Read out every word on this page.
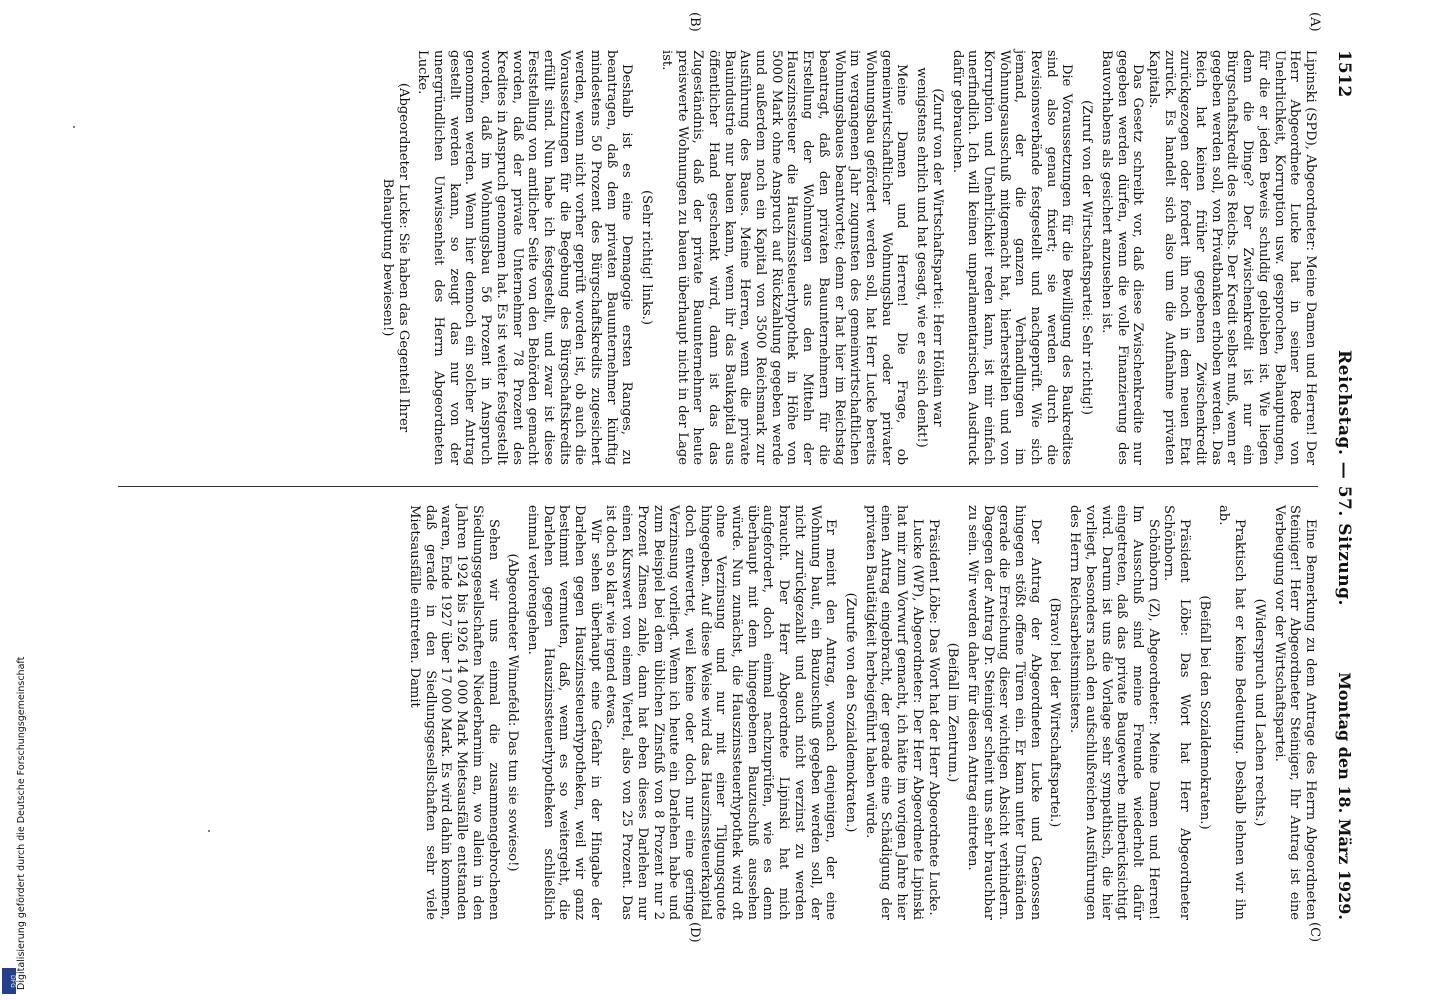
Digitalisierung gefördert durch die Deutsche Forschungsgemeinschaft
DFG
1512
Reichstag. — 57. Sitzung.
Montag den 18. März 1929.
(A)
(B)
(C)
(D)

Lipinski (SPD), Abgeordneter: Meine Damen und Herren! Der Herr Abgeordnete Lucke hat in seiner Rede von Unehrlichkeit, Korruption usw. gesprochen, Behauptungen, für die er jeden Beweis schuldig geblieben ist. Wie liegen denn die Dinge? Der Zwischenkredit ist nur ein Bürgschaftskredit des Reichs. Der Kredit selbst muß, wenn er gegeben werden soll, von Privatbanken erhoben werden. Das Reich hat keinen früher gegebenen Zwischenkredit zurückgezogen oder fordert ihn noch in dem neuen Etat zurück. Es handelt sich also um die Aufnahme privaten Kapitals.

Das Gesetz schreibt vor, daß diese Zwischenkredite nur gegeben werden dürfen, wenn die volle Finanzierung des Bauvorhabens als gesichert anzusehen ist.

(Zuruf von der Wirtschaftspartei: Sehr richtig!)

Die Voraussetzungen für die Bewilligung des Baukredites sind also genau fixiert; sie werden durch die Revisionsverbände festgestellt und nachgeprüft. Wie sich jemand, der die ganzen Verhandlungen im Wohnungsausschuß mitgemacht hat, hierherstellen und von Korruption und Unehrlichkeit reden kann, ist mir einfach unerfindlich. Ich will keinen unparlamentarischen Ausdruck dafür gebrauchen.

(Zuruf von der Wirtschaftspartei: Herr Höllein war wenigstens ehrlich und hat gesagt, wie er es sich denkt!)

Meine Damen und Herren! Die Frage, ob gemeinwirtschaftlicher Wohnungsbau oder privater Wohnungsbau gefördert werden soll, hat Herr Lucke bereits im vergangenen Jahr zugunsten des gemeinwirtschaftlichen Wohnungsbaues beantwortet; denn er hat hier im Reichstag beantragt, daß den privaten Bauunternehmern für die Erstellung der Wohnungen aus den Mitteln der Hauszinssteuer die Hauszinssteuerhypothek in Höhe von 5000 Mark ohne Anspruch auf Rückzahlung gegeben werde und außerdem noch ein Kapital von 3500 Reichsmark zur Ausführung des Baues. Meine Herren, wenn die private Bauindustrie nur bauen kann, wenn ihr das Baukapital aus öffentlicher Hand geschenkt wird, dann ist das das Zugeständnis, daß der private Bauunternehmer heute preiswerte Wohnungen zu bauen überhaupt nicht in der Lage ist.

(Sehr richtig! links.)

Deshalb ist es eine Demagogie ersten Ranges, zu beantragen, daß dem privaten Bauunternehmer künftig mindestens 50 Prozent des Bürgschaftskredits zugesichert werden, wenn nicht vorher geprüft worden ist, ob auch die Voraussetzungen für die Begebung des Bürgschaftskredits erfüllt sind. Nun habe ich festgestellt, und zwar ist diese Feststellung von amtlicher Seite von den Behörden gemacht worden, daß der private Unternehmer 78 Prozent des Kredites in Anspruch genommen hat. Es ist weiter festgestellt worden, daß im Wohnungsbau 56 Prozent in Anspruch genommen werden. Wenn hier dennoch ein solcher Antrag gestellt werden kann, so zeugt das nur von der unergründlichen Unwissenheit des Herrn Abgeordneten Lucke.

(Abgeordneter Lucke: Sie haben das Gegenteil Ihrer Behauptung bewiesen!)

Eine Bemerkung zu dem Antrage des Herrn Abgeordneten Steiniger! Herr Abgeordneter Steiniger, Ihr Antrag ist eine Verbeugung vor der Wirtschaftspartei.

(Widerspruch und Lachen rechts.)

Praktisch hat er keine Bedeutung. Deshalb lehnen wir ihn ab.

(Beifall bei den Sozialdemokraten.)

Präsident Löbe: Das Wort hat Herr Abgeordneter Schönborn.

Schönborn (Z), Abgeordneter: Meine Damen und Herren! Im Ausschuß sind meine Freunde wiederholt dafür eingetreten, daß das private Baugewerbe mitberücksichtigt wird. Darum ist uns die Vorlage sehr sympathisch, die hier vorliegt, besonders nach den aufschlußreichen Ausführungen des Herrn Reichsarbeitsministers.

(Bravo! bei der Wirtschaftspartei.)

Der Antrag der Abgeordneten Lucke und Genossen hingegen stößt offene Türen ein. Er kann unter Umständen gerade die Erreichung dieser wichtigen Absicht verhindern. Dagegen der Antrag Dr. Steiniger scheint uns sehr brauchbar zu sein. Wir werden daher für diesen Antrag eintreten.

(Beifall im Zentrum.)

Präsident Löbe: Das Wort hat der Herr Abgeordnete Lucke.

Lucke (WP), Abgeordneter: Der Herr Abgeordnete Lipinski hat mir zum Vorwurf gemacht, ich hätte im vorigen Jahre hier einen Antrag eingebracht, der gerade eine Schädigung der privaten Bautätigkeit herbeigeführt haben würde.

(Zurufe von den Sozialdemokraten.)

Er meint den Antrag, wonach denjenigen, der eine Wohnung baut, ein Bauzuschuß gegeben werden soll, der nicht zurückgezahlt und auch nicht verzinst zu werden braucht. Der Herr Abgeordnete Lipinski hat mich aufgefordert, doch einmal nachzuprüfen, wie es denn überhaupt mit dem hingegebenen Bauzuschuß aussehen würde. Nun zunächst, die Hauszinssteuerhypothek wird oft ohne Verzinsung und nur mit einer Tilgungsquote hingegeben. Auf diese Weise wird das Hauszinssteuerkapital doch entwertet, weil keine oder doch nur eine geringe Verzinsung vorliegt. Wenn ich heute ein Darlehen habe und zum Beispiel bei dem üblichen Zinsfuß von 8 Prozent nur 2 Prozent Zinsen zahle, dann hat eben dieses Darlehen nur einen Kurswert von einem Viertel, also von 25 Prozent. Das ist doch so klar wie irgend etwas.

Wir sehen überhaupt eine Gefahr in der Hingabe der Darlehen gegen Hauszinssteuerhypotheken, weil wir ganz bestimmt vermuten, daß, wenn es so weitergeht, die Darlehen gegen Hauszinssteuerhypotheken schließlich einmal verlorengehen.

(Abgeordneter Winnefeld: Das tun sie sowieso!)

Sehen wir uns einmal die zusammengebrochenen Siedlungsgesellschaften Niederbarnim an, wo allein in den Jahren 1924 bis 1926 14 000 Mark Mietsausfälle entstanden waren, Ende 1927 über 17 000 Mark. Es wird dahin kommen, daß gerade in den Siedlungsgesellschaften sehr viele Mietsausfälle eintreten. Damit
